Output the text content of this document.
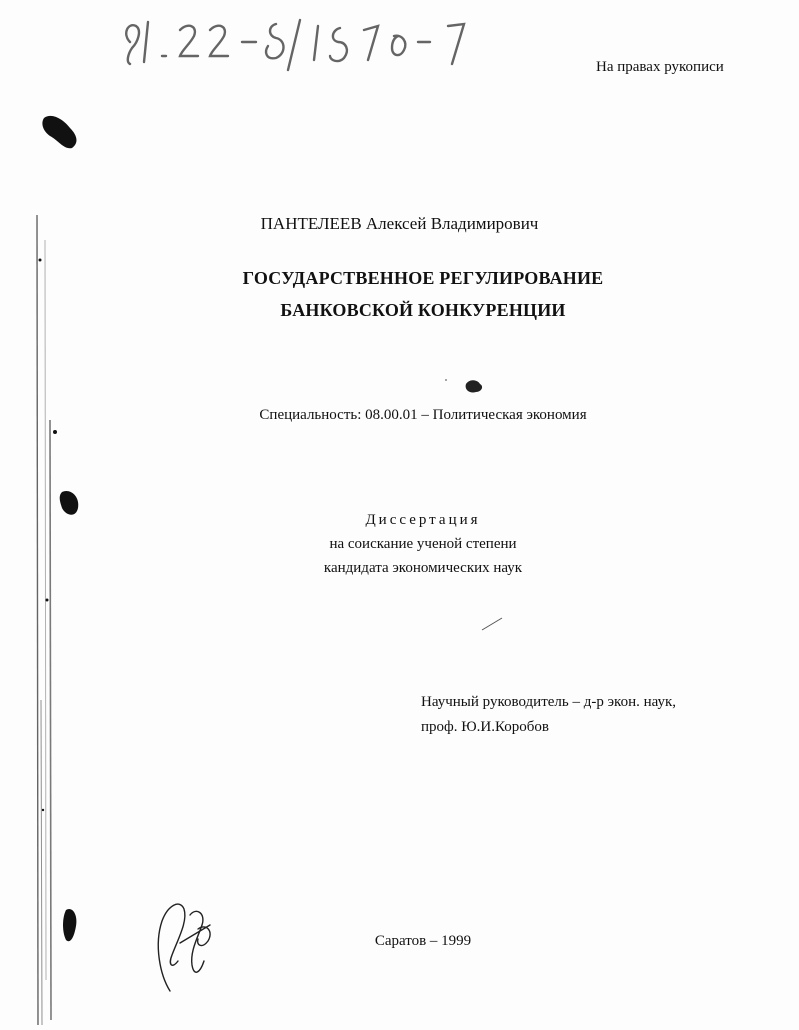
На правах рукописи
ПАНТЕЛЕЕВ Алексей Владимирович
ГОСУДАРСТВЕННОЕ РЕГУЛИРОВАНИЕ
БАНКОВСКОЙ КОНКУРЕНЦИИ
Специальность: 08.00.01 – Политическая экономия
Диссертация
на соискание ученой степени
кандидата экономических наук
Научный руководитель – д-р экон. наук,
проф. Ю.И.Коробов
Саратов – 1999
